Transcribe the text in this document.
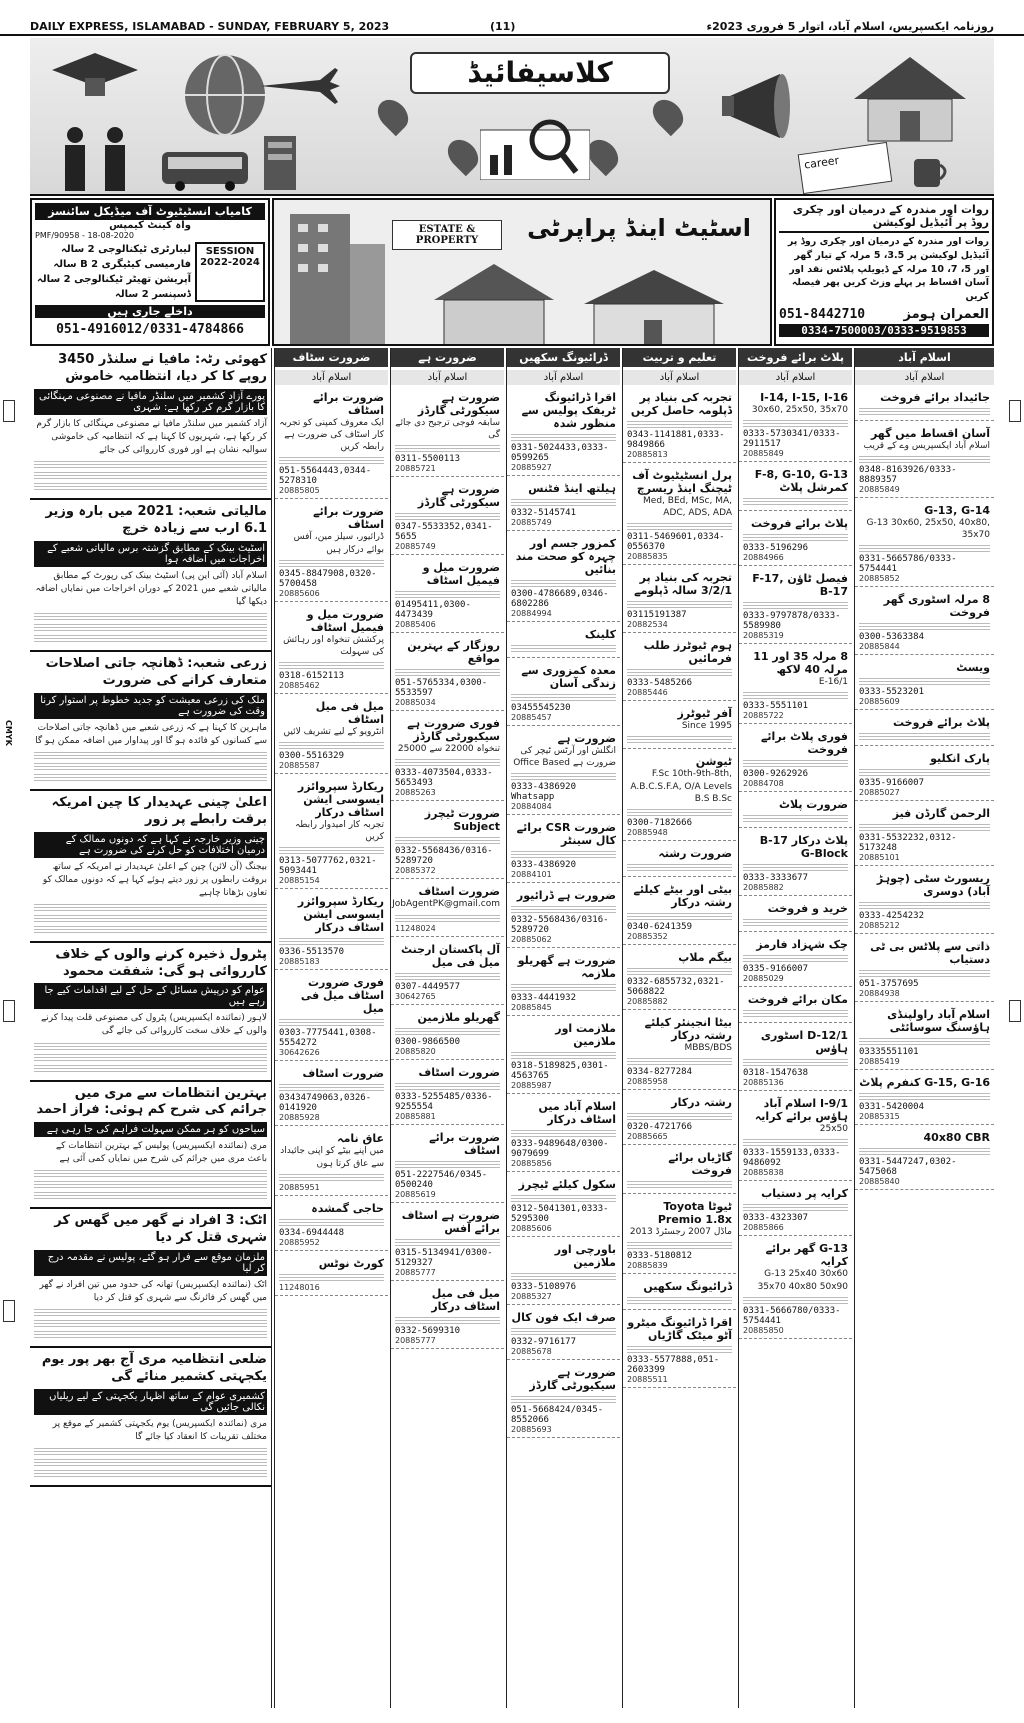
DAILY EXPRESS, ISLAMABAD - SUNDAY, FEBRUARY 5, 2023	(11)	روزنامہ ایکسپریس، اسلام آباد، اتوار 5 فروری 2023ء
کلاسیفائیڈ
career
کامیاب انسٹیٹیوٹ آف میڈیکل سائنسز
واہ کینٹ کیمپس
18-08-2020 - 90958/PMF
SESSION 2022-2024
لیبارٹری ٹیکنالوجی 2 سالہ
فارمیسی کیٹیگری B 2 سالہ
آپریشن تھیٹر ٹیکنالوجی 2 سالہ
ڈسپنسر 2 سالہ
داخلے جاری ہیں
051-4916012/0331-4784866
ESTATE & PROPERTY	اسٹیٹ اینڈ پراپرٹی
روات اور مندرہ کے درمیان اور چکری روڈ پر آئیڈیل لوکیشن
روات اور مندرہ کے درمیان اور چکری روڈ پر آئیڈیل لوکیشن پر 3.5، 5 مرلہ کے تیار گھر اور 5، 7، 10 مرلہ کے ڈیویلپ پلاٹس نقد اور آسان اقساط پر پہلے وزٹ کریں پھر فیصلہ کریں
051-8442710	العمران ہومز
0334-7500003/0333-9519853
کھوئی رٹہ: مافیا نے سلنڈر 3450 روپے کا کر دیا، انتظامیہ خاموش
پورے آزاد کشمیر میں سلنڈر مافیا نے مصنوعی مہنگائی کا بازار گرم کر رکھا ہے: شہری
آزاد کشمیر میں سلنڈر مافیا نے مصنوعی مہنگائی کا بازار گرم کر رکھا ہے، شہریوں کا کہنا ہے کہ انتظامیہ کی خاموشی سوالیہ نشان ہے اور فوری کارروائی کی جائے
مالیاتی شعبہ: 2021 میں بارہ وزیر 6.1 ارب سے زیادہ خرچ
اسٹیٹ بینک کے مطابق گزشتہ برس مالیاتی شعبے کے اخراجات میں اضافہ ہوا
اسلام آباد (آئی این پی) اسٹیٹ بینک کی رپورٹ کے مطابق مالیاتی شعبے میں 2021 کے دوران اخراجات میں نمایاں اضافہ دیکھا گیا
زرعی شعبہ: ڈھانچہ جاتی اصلاحات متعارف کرانے کی ضرورت
ملک کی زرعی معیشت کو جدید خطوط پر استوار کرنا وقت کی ضرورت ہے
ماہرین کا کہنا ہے کہ زرعی شعبے میں ڈھانچہ جاتی اصلاحات سے کسانوں کو فائدہ ہو گا اور پیداوار میں اضافہ ممکن ہو گا
اعلیٰ چینی عہدیدار کا چین امریکہ برقت رابطے پر زور
چینی وزیر خارجہ نے کہا ہے کہ دونوں ممالک کے درمیان اختلافات کو حل کرنے کی ضرورت ہے
بیجنگ (آن لائن) چین کے اعلیٰ عہدیدار نے امریکہ کے ساتھ بروقت رابطوں پر زور دیتے ہوئے کہا ہے کہ دونوں ممالک کو تعاون بڑھانا چاہیے
پٹرول ذخیرہ کرنے والوں کے خلاف کارروائی ہو گی: شفقت محمود
عوام کو درپیش مسائل کے حل کے لیے اقدامات کیے جا رہے ہیں
لاہور (نمائندہ ایکسپریس) پٹرول کی مصنوعی قلت پیدا کرنے والوں کے خلاف سخت کارروائی کی جائے گی
بہترین انتظامات سے مری میں جرائم کی شرح کم ہوئی: فراز احمد
سیاحوں کو ہر ممکن سہولت فراہم کی جا رہی ہے
مری (نمائندہ ایکسپریس) پولیس کے بہترین انتظامات کے باعث مری میں جرائم کی شرح میں نمایاں کمی آئی ہے
اٹک: 3 افراد نے گھر میں گھس کر شہری قتل کر دیا
ملزمان موقع سے فرار ہو گئے، پولیس نے مقدمہ درج کر لیا
اٹک (نمائندہ ایکسپریس) تھانہ کی حدود میں تین افراد نے گھر میں گھس کر فائرنگ سے شہری کو قتل کر دیا
ضلعی انتظامیہ مری آج بھر پور یوم یکجہتی کشمیر منائے گی
کشمیری عوام کے ساتھ اظہار یکجہتی کے لیے ریلیاں نکالی جائیں گی
مری (نمائندہ ایکسپریس) یوم یکجہتی کشمیر کے موقع پر مختلف تقریبات کا انعقاد کیا جائے گا
ضرورت سٹاف
اسلام آباد
ضرورت برائے اسٹاف
ایک معروف کمپنی کو تجربہ کار اسٹاف کی ضرورت ہے رابطہ کریں
051-5564443,0344-5278310
20885805
ضرورت برائے اسٹاف
ڈرائیور، سیلز مین، آفس بوائے درکار ہیں
0345-8847908,0320-5700458
20885606
ضرورت میل و فیمیل اسٹاف
پرکشش تنخواہ اور رہائش کی سہولت
0318-6152113
20885462
میل فی میل اسٹاف
انٹرویو کے لیے تشریف لائیں
0300-5516329
20885587
ریکارڈ سپروائزر ایسوسی ایشن اسٹاف درکار
تجربہ کار امیدوار رابطہ کریں
0313-5077762,0321-5093441
20885154
ریکارڈ سپروائزر ایسوسی ایشن اسٹاف درکار
0336-5513570
20885183
فوری ضرورت اسٹاف میل فی میل
0303-7775441,0308-5554272
30642626
ضرورت اسٹاف
03434749063,0326-0141920
20885928
عاق نامہ
میں اپنے بیٹے کو اپنی جائیداد سے عاق کرتا ہوں
20885951
حاجی گمشدہ
0334-6944448
20885952
کورٹ نوٹس
11248016
ضرورت ہے
اسلام آباد
ضرورت ہے سیکورٹی گارڈز
سابقہ فوجی ترجیح دی جائے گی
0311-5500113
20885721
ضرورت ہے سیکورٹی گارڈز
0347-5533352,0341-5655
20885749
ضرورت میل و فیمیل اسٹاف
01495411,0300-4473439
20885406
روزگار کے بہترین مواقع
051-5765334,0300-5533597
20885034
فوری ضرورت ہے سیکیورٹی گارڈز
تنخواہ 22000 سے 25000
0333-4073504,0333-5653493
20885263
ضرورت ٹیچرز Subject
0332-5568436/0316-5289720
20885372
ضرورت اسٹاف
JobAgentPK@gmail.com
11248024
آل پاکستان ارجنٹ میل فی میل
0307-4449577
30642765
گھریلو ملازمین
0300-9866500
20885820
ضرورت اسٹاف
0333-5255485/0336-9255554
20885881
ضرورت برائے اسٹاف
051-2227546/0345-0500240
20885619
ضرورت ہے اسٹاف برائے آفس
0315-5134941/0300-5129327
20885777
میل فی میل اسٹاف درکار
0332-5699310
20885777
ڈرائیونگ سکھیں
اسلام آباد
اقرا ڈرائیونگ ٹریفک پولیس سے منظور شدہ
0331-5024433,0333-0599265
20885927
ہیلتھ اینڈ فٹنس
0332-5145741
20885749
کمزور جسم اور چہرہ کو صحت مند بنائیں
0300-4786689,0346-6802286
20884994
کلینک
معدہ کمزوری سے زندگی آسان
03455545230
20885457
ضرورت ہے
انگلش اور آرٹس ٹیچر کی ضرورت ہے Office Based
0333-4386920 Whatsapp
20884084
ضرورت CSR برائے کال سینٹر
0333-4386920
20884101
ضرورت ہے ڈرائیور
0332-5568436/0316-5289720
20885062
ضرورت ہے گھریلو ملازمہ
0333-4441932
20885845
ملازمت اور ملازمین
0318-5189825,0301-4563765
20885987
اسلام آباد میں اسٹاف درکار
0333-9489648/0300-9079699
20885856
سکول کیلئے ٹیچرز
0312-5041301,0333-5295300
20885606
باورچی اور ملازمین
0333-5108976
20885327
صرف ایک فون کال
0332-9716177
20885678
ضرورت ہے سیکیورٹی گارڈز
051-5668424/0345-8552066
20885693
تعلیم و تربیت
اسلام آباد
تجربہ کی بنیاد پر ڈپلومہ حاصل کریں
0343-1141881,0333-9849866
20885813
پرل انسٹیٹیوٹ آف ٹیچنگ اینڈ ریسرچ
Med, BEd, MSc, MA, ADC, ADS, ADA
0311-5469601,0334-0556370
20885835
تجربہ کی بنیاد پر 3/2/1 سالہ ڈپلومے
03115191387
20882534
ہوم ٹیوٹرز طلب فرمائیں
0333-5485266
20885446
آفر ٹیوٹرز
Since 1995
ٹیوشن
F.Sc 10th-9th-8th, A.B.C.S.F.A, O/A Levels B.S B.Sc
0300-7182666
20885948
ضرورت رشتہ
بیٹی اور بیٹے کیلئے رشتہ درکار
0340-6241359
20885352
بیگم ملاپ
0332-6855732,0321-5068822
20885882
بیٹا انجینئر کیلئے رشتہ درکار
MBBS/BDS
0334-8277284
20885958
رشتہ درکار
0320-4721766
20885665
گاڑیاں برائے فروخت
ٹیوٹا Toyota Premio 1.8x
ماڈل 2007 رجسٹرڈ 2013
0333-5180812
20885839
ڈرائیونگ سکھیں
اقرا ڈرائیونگ میٹرو آٹو میٹک گاڑیاں
0333-5577888,051-2603399
20885511
پلاٹ برائے فروخت
اسلام آباد
I-14, I-15, I-16
30x60, 25x50, 35x70
0333-5730341/0333-2911517
20885849
F-8, G-10, G-13 کمرشل پلاٹ
پلاٹ برائے فروخت
0333-5196296
20884966
فیصل ٹاؤن F-17, B-17
0333-9797878/0333-5589980
20885319
8 مرلہ 35 اور 11 مرلہ 40 لاکھ
E-16/1
0333-5551101
20885722
فوری پلاٹ برائے فروخت
0300-9262926
20884708
ضرورت پلاٹ
پلاٹ درکار B-17 G-Block
0333-3333677
20885882
خرید و فروخت
چک شہزاد فارمز
0335-9166007
20885029
مکان برائے فروخت
D-12/1 اسٹوری ہاؤس
0318-1547638
20885136
I-9/1 اسلام آباد ہاؤس برائے کرایہ
25x50
0333-1559133,0333-9486092
20885838
کرایہ پر دستیاب
0333-4323307
20885866
G-13 گھر برائے کرایہ
G-13 25x40 30x60 35x70 40x80 50x90
0331-5666780/0333-5754441
20885850
اسلام آباد
اسلام آباد
جائیداد برائے فروخت
آسان اقساط میں گھر
اسلام آباد ایکسپریس وے کے قریب
0348-8163926/0333-8889357
20885849
G-13, G-14
G-13 30x60, 25x50, 40x80, 35x70
0331-5665786/0333-5754441
20885852
8 مرلہ اسٹوری گھر فروخت
0300-5363384
20885844
ویسٹ
0333-5523201
20885609
پلاٹ برائے فروخت
پارک انکلیو
0335-9166007
20885027
الرحمن گارڈن فیز
0331-5532232,0312-5173248
20885101
ریسورٹ سٹی (چوہڑ آباد) دوسری
0333-4254232
20885212
ذاتی سے پلاٹس بی ٹی دستیاب
051-3757695
20884938
اسلام آباد راولپنڈی ہاؤسنگ سوسائٹی
03335551101
20885419
G-15, G-16 کنفرم پلاٹ
0331-5420004
20885315
40x80 CBR
0331-5447247,0302-5475068
20885840
CMYK
